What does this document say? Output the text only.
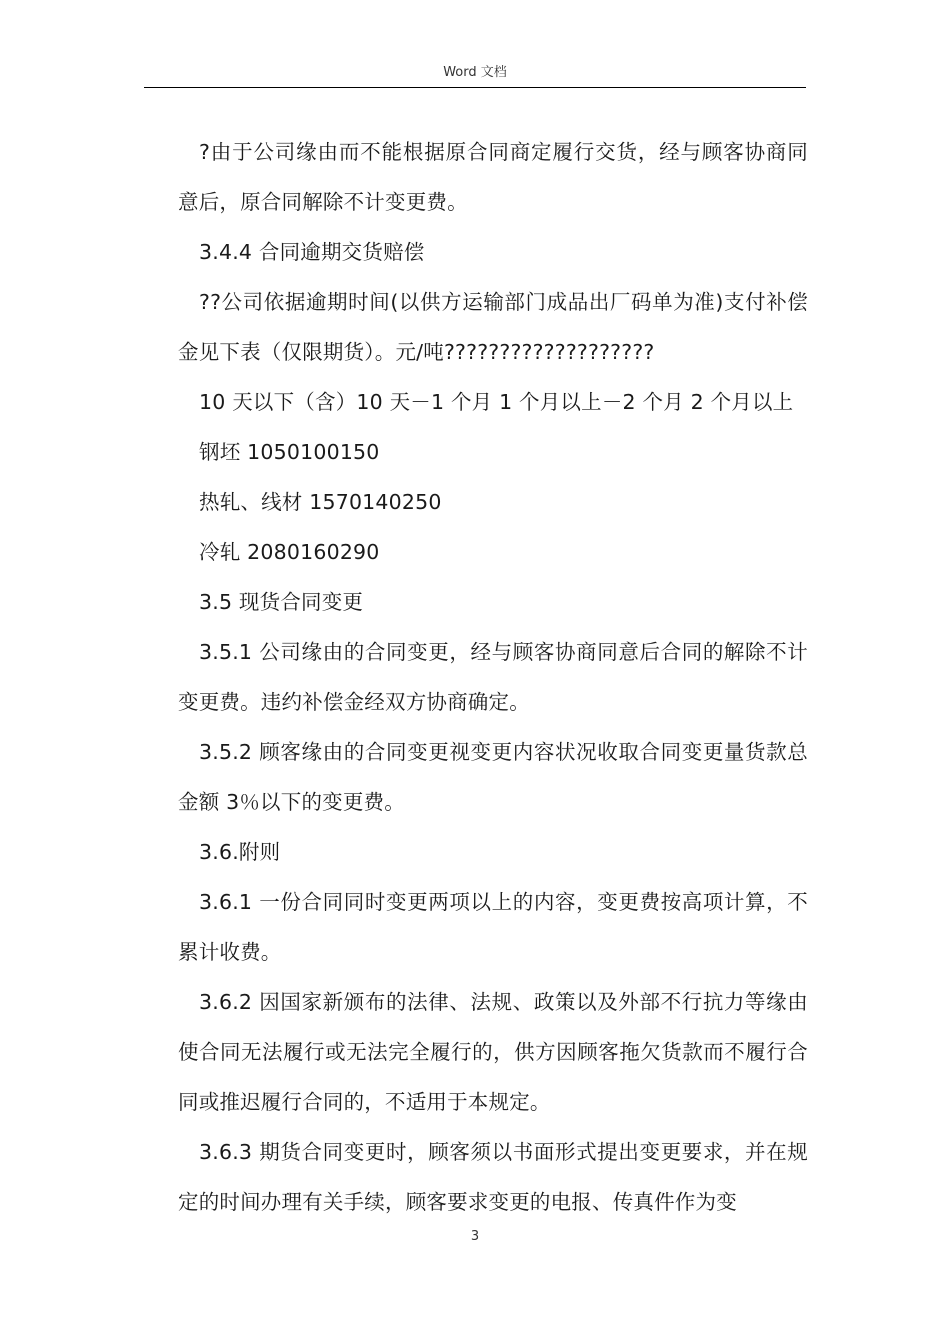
Word 文档

?由于公司缘由而不能根据原合同商定履行交货，经与顾客协商同意后，原合同解除不计变更费。

3.4.4 合同逾期交货赔偿

??公司依据逾期时间(以供方运输部门成品出厂码单为准)支付补偿金见下表（仅限期货）。元/吨???????????????????

10 天以下（含）10 天－1 个月 1 个月以上－2 个月 2 个月以上

钢坯 1050100150

热轧、线材 1570140250

冷轧 2080160290

3.5 现货合同变更

3.5.1 公司缘由的合同变更，经与顾客协商同意后合同的解除不计变更费。违约补偿金经双方协商确定。

3.5.2 顾客缘由的合同变更视变更内容状况收取合同变更量货款总金额 3％以下的变更费。

3.6.附则

3.6.1 一份合同同时变更两项以上的内容，变更费按高项计算，不累计收费。

3.6.2 因国家新颁布的法律、法规、政策以及外部不行抗力等缘由使合同无法履行或无法完全履行的，供方因顾客拖欠货款而不履行合同或推迟履行合同的，不适用于本规定。

3.6.3 期货合同变更时，顾客须以书面形式提出变更要求，并在规定的时间办理有关手续，顾客要求变更的电报、传真件作为变

3
